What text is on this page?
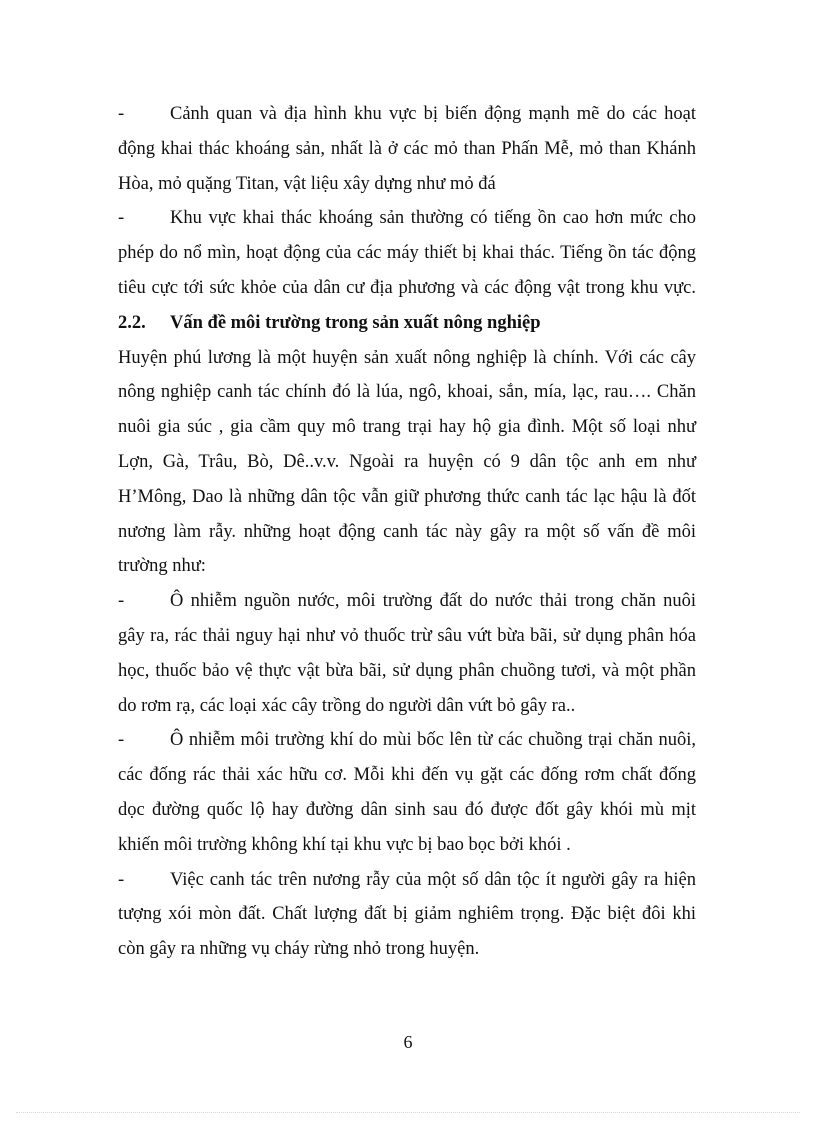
- Cảnh quan và địa hình khu vực bị biến động mạnh mẽ do các hoạt
động khai thác khoáng sản, nhất là ở các mỏ than Phấn Mễ, mỏ than Khánh
Hòa, mỏ quặng Titan, vật liệu xây dựng như mỏ đá
- Khu vực khai thác khoáng sản thường có tiếng ồn cao hơn mức cho
phép do nổ mìn, hoạt động của các máy thiết bị khai thác. Tiếng ồn tác động
tiêu cực tới sức khỏe của dân cư địa phương và các động vật trong khu vực.
2.2. Vấn đề môi trường trong sản xuất nông nghiệp
Huyện phú lương là một huyện sản xuất nông nghiệp là chính. Với các cây
nông nghiệp canh tác chính đó là lúa, ngô, khoai, sắn, mía, lạc, rau…. Chăn
nuôi gia súc , gia cầm quy mô trang trại hay hộ gia đình. Một số loại như
Lợn, Gà, Trâu, Bò, Dê..v.v. Ngoài ra huyện có 9 dân tộc anh em như
H’Mông, Dao là những dân tộc vẫn giữ phương thức canh tác lạc hậu là đốt
nương làm rẫy. những hoạt động canh tác này gây ra một số vấn đề môi
trường như:
- Ô nhiễm nguồn nước, môi trường đất do nước thải trong chăn nuôi
gây ra, rác thải nguy hại như vỏ thuốc trừ sâu vứt bừa bãi, sử dụng phân hóa
học, thuốc bảo vệ thực vật bừa bãi, sử dụng phân chuồng tươi, và một phần
do rơm rạ, các loại xác cây trồng do người dân vứt bỏ gây ra..
- Ô nhiễm môi trường khí do mùi bốc lên từ các chuồng trại chăn nuôi,
các đống rác thải xác hữu cơ. Mỗi khi đến vụ gặt các đống rơm chất đống
dọc đường quốc lộ hay đường dân sinh sau đó được đốt gây khói mù mịt
khiến môi trường không khí tại khu vực bị bao bọc bởi khói .
- Việc canh tác trên nương rẫy của một số dân tộc ít người gây ra hiện
tượng xói mòn đất. Chất lượng đất bị giảm nghiêm trọng. Đặc biệt đôi khi
còn gây ra những vụ cháy rừng nhỏ trong huyện.
6
